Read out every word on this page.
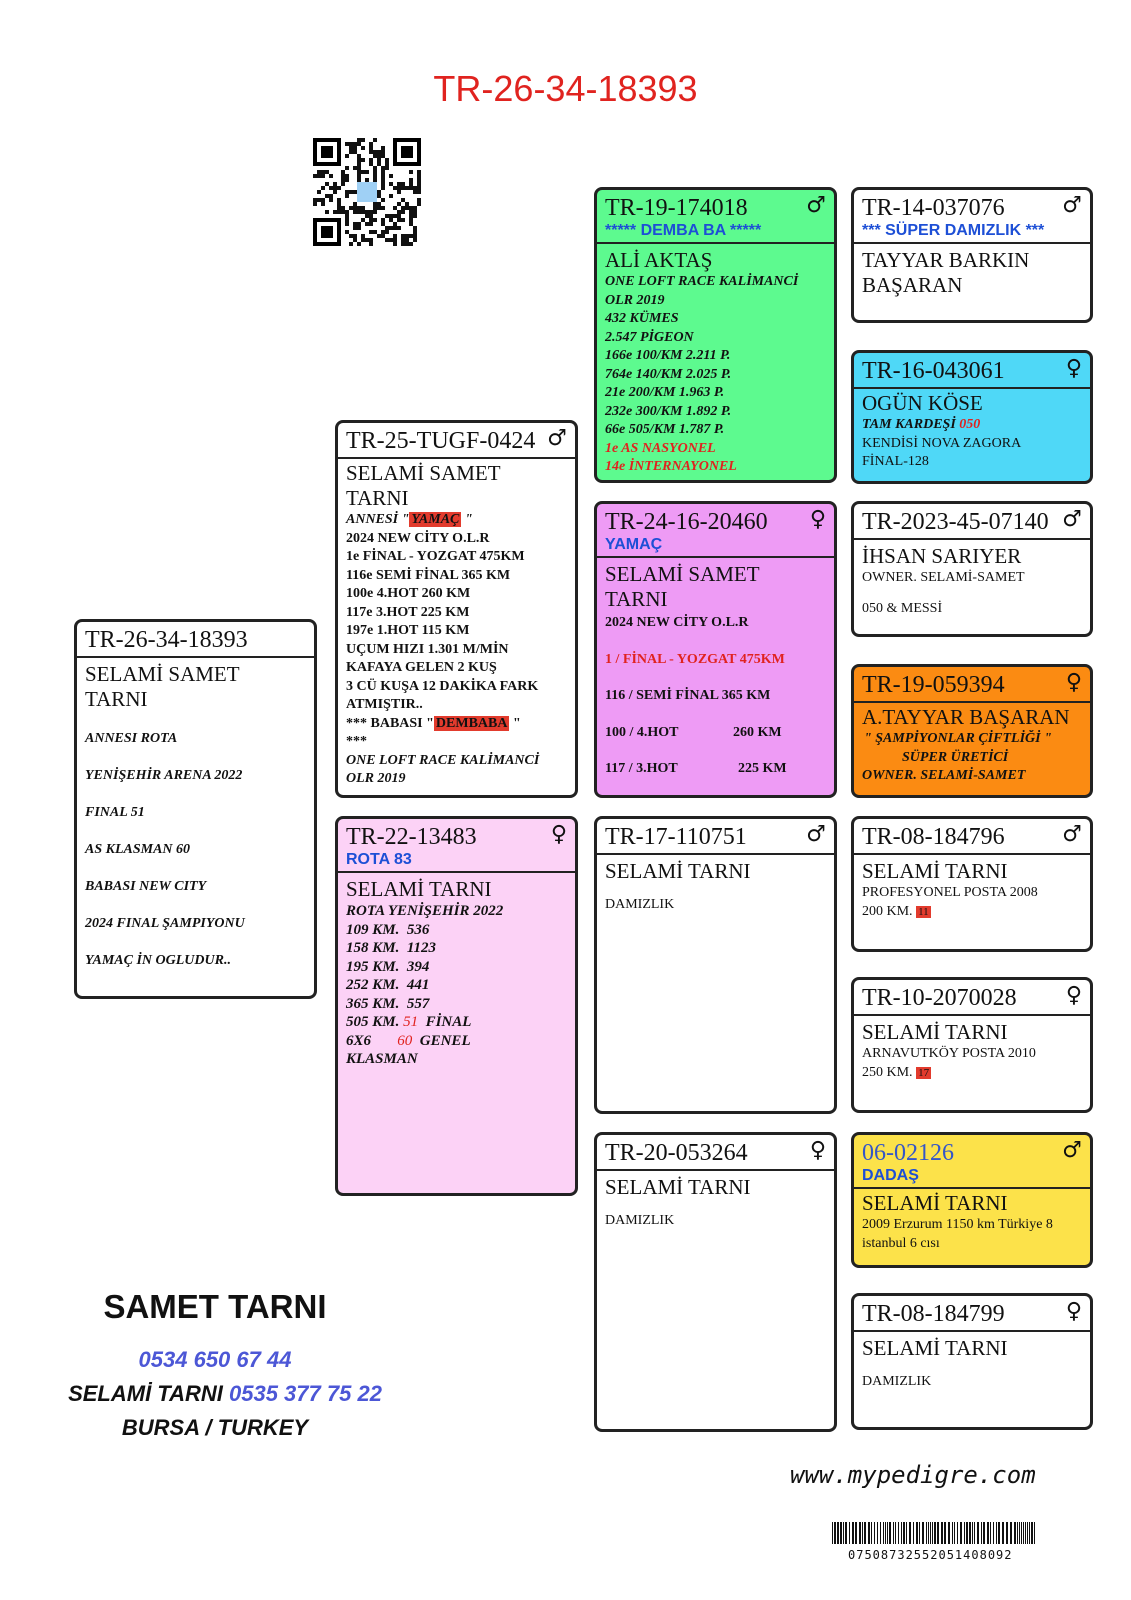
TR-26-34-18393
TR-26-34-18393
SELAMİ SAMET TARNI
ANNESI ROTA
YENİŞEHİR ARENA 2022
FINAL 51
AS KLASMAN 60
BABASI NEW CITY
2024 FINAL ŞAMPIYONU
YAMAÇ İN OGLUDUR..
TR-25-TUGF-0424 ♂
SELAMİ SAMET TARNI
ANNESİ " YAMAÇ "
2024 NEW CİTY O.L.R
1e FİNAL - YOZGAT 475KM
116e SEMİ FİNAL 365 KM
100e 4.HOT 260 KM
117e 3.HOT 225 KM
197e 1.HOT 115 KM
UÇUM HIZI 1.301 M/MİN
KAFAYA GELEN 2 KUŞ
3 CÜ KUŞA 12 DAKİKA FARK
ATMIŞTIR..
*** BABASI " DEMBABA "
***
ONE LOFT RACE KALİMANCİ
OLR 2019
TR-22-13483	♀
ROTA 83
SELAMİ TARNI
ROTA YENİŞEHİR 2022
109 KM.  536
158 KM.  1123
195 KM.  394
252 KM.  441
365 KM.  557
505 KM. 51  FİNAL
6X6       60  GENEL
KLASMAN
TR-19-174018	♂
***** DEMBA BA *****
ALİ AKTAŞ
ONE LOFT RACE KALİMANCİ
OLR 2019
432 KÜMES
2.547 PİGEON
166e 100/KM 2.211 P.
764e 140/KM 2.025 P.
21e 200/KM 1.963 P.
232e 300/KM 1.892 P.
66e 505/KM 1.787 P.
1e AS NASYONEL
14e İNTERNAYONEL
TR-24-16-20460	♀
YAMAÇ
SELAMİ SAMET TARNI
2024 NEW CİTY O.L.R
1 / FİNAL - YOZGAT 475KM
116 / SEMİ FİNAL 365 KM
100 / 4.HOT	260 KM
117 / 3.HOT	225 KM
TR-17-110751	♂
SELAMİ TARNI
DAMIZLIK
TR-20-053264	♀
SELAMİ TARNI
DAMIZLIK
TR-14-037076	♂
*** SÜPER DAMIZLIK ***
TAYYAR BARKIN BAŞARAN
TR-16-043061	♀
OGÜN KÖSE
TAM KARDEŞİ 050
KENDİSİ NOVA ZAGORA
FİNAL-128
TR-2023-45-07140 ♂
İHSAN SARIYER
OWNER. SELAMİ-SAMET
050 & MESSİ
TR-19-059394	♀
A.TAYYAR BAŞARAN
" ŞAMPİYONLAR ÇİFTLİĞİ "
SÜPER ÜRETİCİ
OWNER. SELAMİ-SAMET
TR-08-184796	♂
SELAMİ TARNI
PROFESYONEL POSTA 2008
200 KM. 11
TR-10-2070028	♀
SELAMİ TARNI
ARNAVUTKÖY POSTA 2010
250 KM. 17
06-02126	♂
DADAŞ
SELAMİ TARNI
2009 Erzurum 1150 km Türkiye 8
istanbul 6 cısı
TR-08-184799	♀
SELAMİ TARNI
DAMIZLIK
SAMET TARNI
0534 650 67 44
SELAMİ TARNI 0535 377 75 22
BURSA / TURKEY
www.mypedigre.com
07508732552051408092
